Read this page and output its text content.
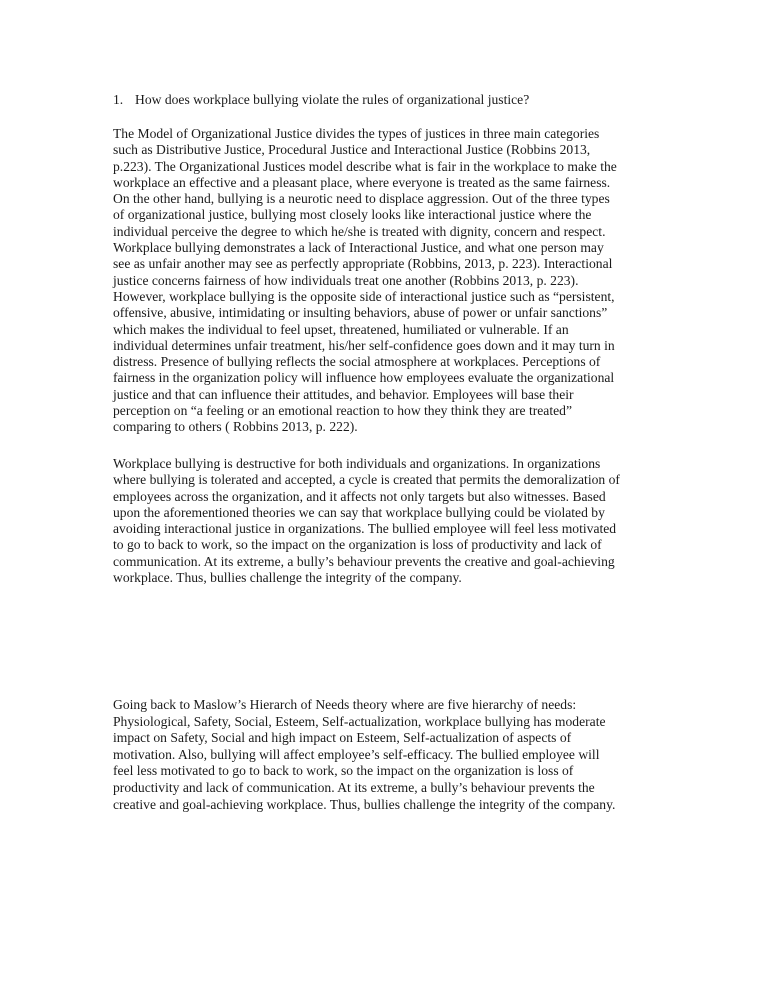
1. How does workplace bullying violate the rules of organizational justice?

The Model of Organizational Justice divides the types of justices in three main categories
such as Distributive Justice, Procedural Justice and Interactional Justice (Robbins 2013,
p.223). The Organizational Justices model describe what is fair in the workplace to make the
workplace an effective and a pleasant place, where everyone is treated as the same fairness.
On the other hand, bullying is a neurotic need to displace aggression. Out of the three types
of organizational justice, bullying most closely looks like interactional justice where the
individual perceive the degree to which he/she is treated with dignity, concern and respect.
Workplace bullying demonstrates a lack of Interactional Justice, and what one person may
see as unfair another may see as perfectly appropriate (Robbins, 2013, p. 223). Interactional
justice concerns fairness of how individuals treat one another (Robbins 2013, p. 223).
However, workplace bullying is the opposite side of interactional justice such as “persistent,
offensive, abusive, intimidating or insulting behaviors, abuse of power or unfair sanctions”
which makes the individual to feel upset, threatened, humiliated or vulnerable. If an
individual determines unfair treatment, his/her self-confidence goes down and it may turn in
distress. Presence of bullying reflects the social atmosphere at workplaces. Perceptions of
fairness in the organization policy will influence how employees evaluate the organizational
justice and that can influence their attitudes, and behavior. Employees will base their
perception on “a feeling or an emotional reaction to how they think they are treated”
comparing to others ( Robbins 2013, p. 222).

Workplace bullying is destructive for both individuals and organizations. In organizations
where bullying is tolerated and accepted, a cycle is created that permits the demoralization of
employees across the organization, and it affects not only targets but also witnesses. Based
upon the aforementioned theories we can say that workplace bullying could be violated by
avoiding interactional justice in organizations. The bullied employee will feel less motivated
to go to back to work, so the impact on the organization is loss of productivity and lack of
communication. At its extreme, a bully’s behaviour prevents the creative and goal-achieving
workplace. Thus, bullies challenge the integrity of the company.

Going back to Maslow’s Hierarch of Needs theory where are five hierarchy of needs:
Physiological, Safety, Social, Esteem, Self-actualization, workplace bullying has moderate
impact on Safety, Social and high impact on Esteem, Self-actualization of aspects of
motivation. Also, bullying will affect employee’s self-efficacy. The bullied employee will
feel less motivated to go to back to work, so the impact on the organization is loss of
productivity and lack of communication. At its extreme, a bully’s behaviour prevents the
creative and goal-achieving workplace. Thus, bullies challenge the integrity of the company.
